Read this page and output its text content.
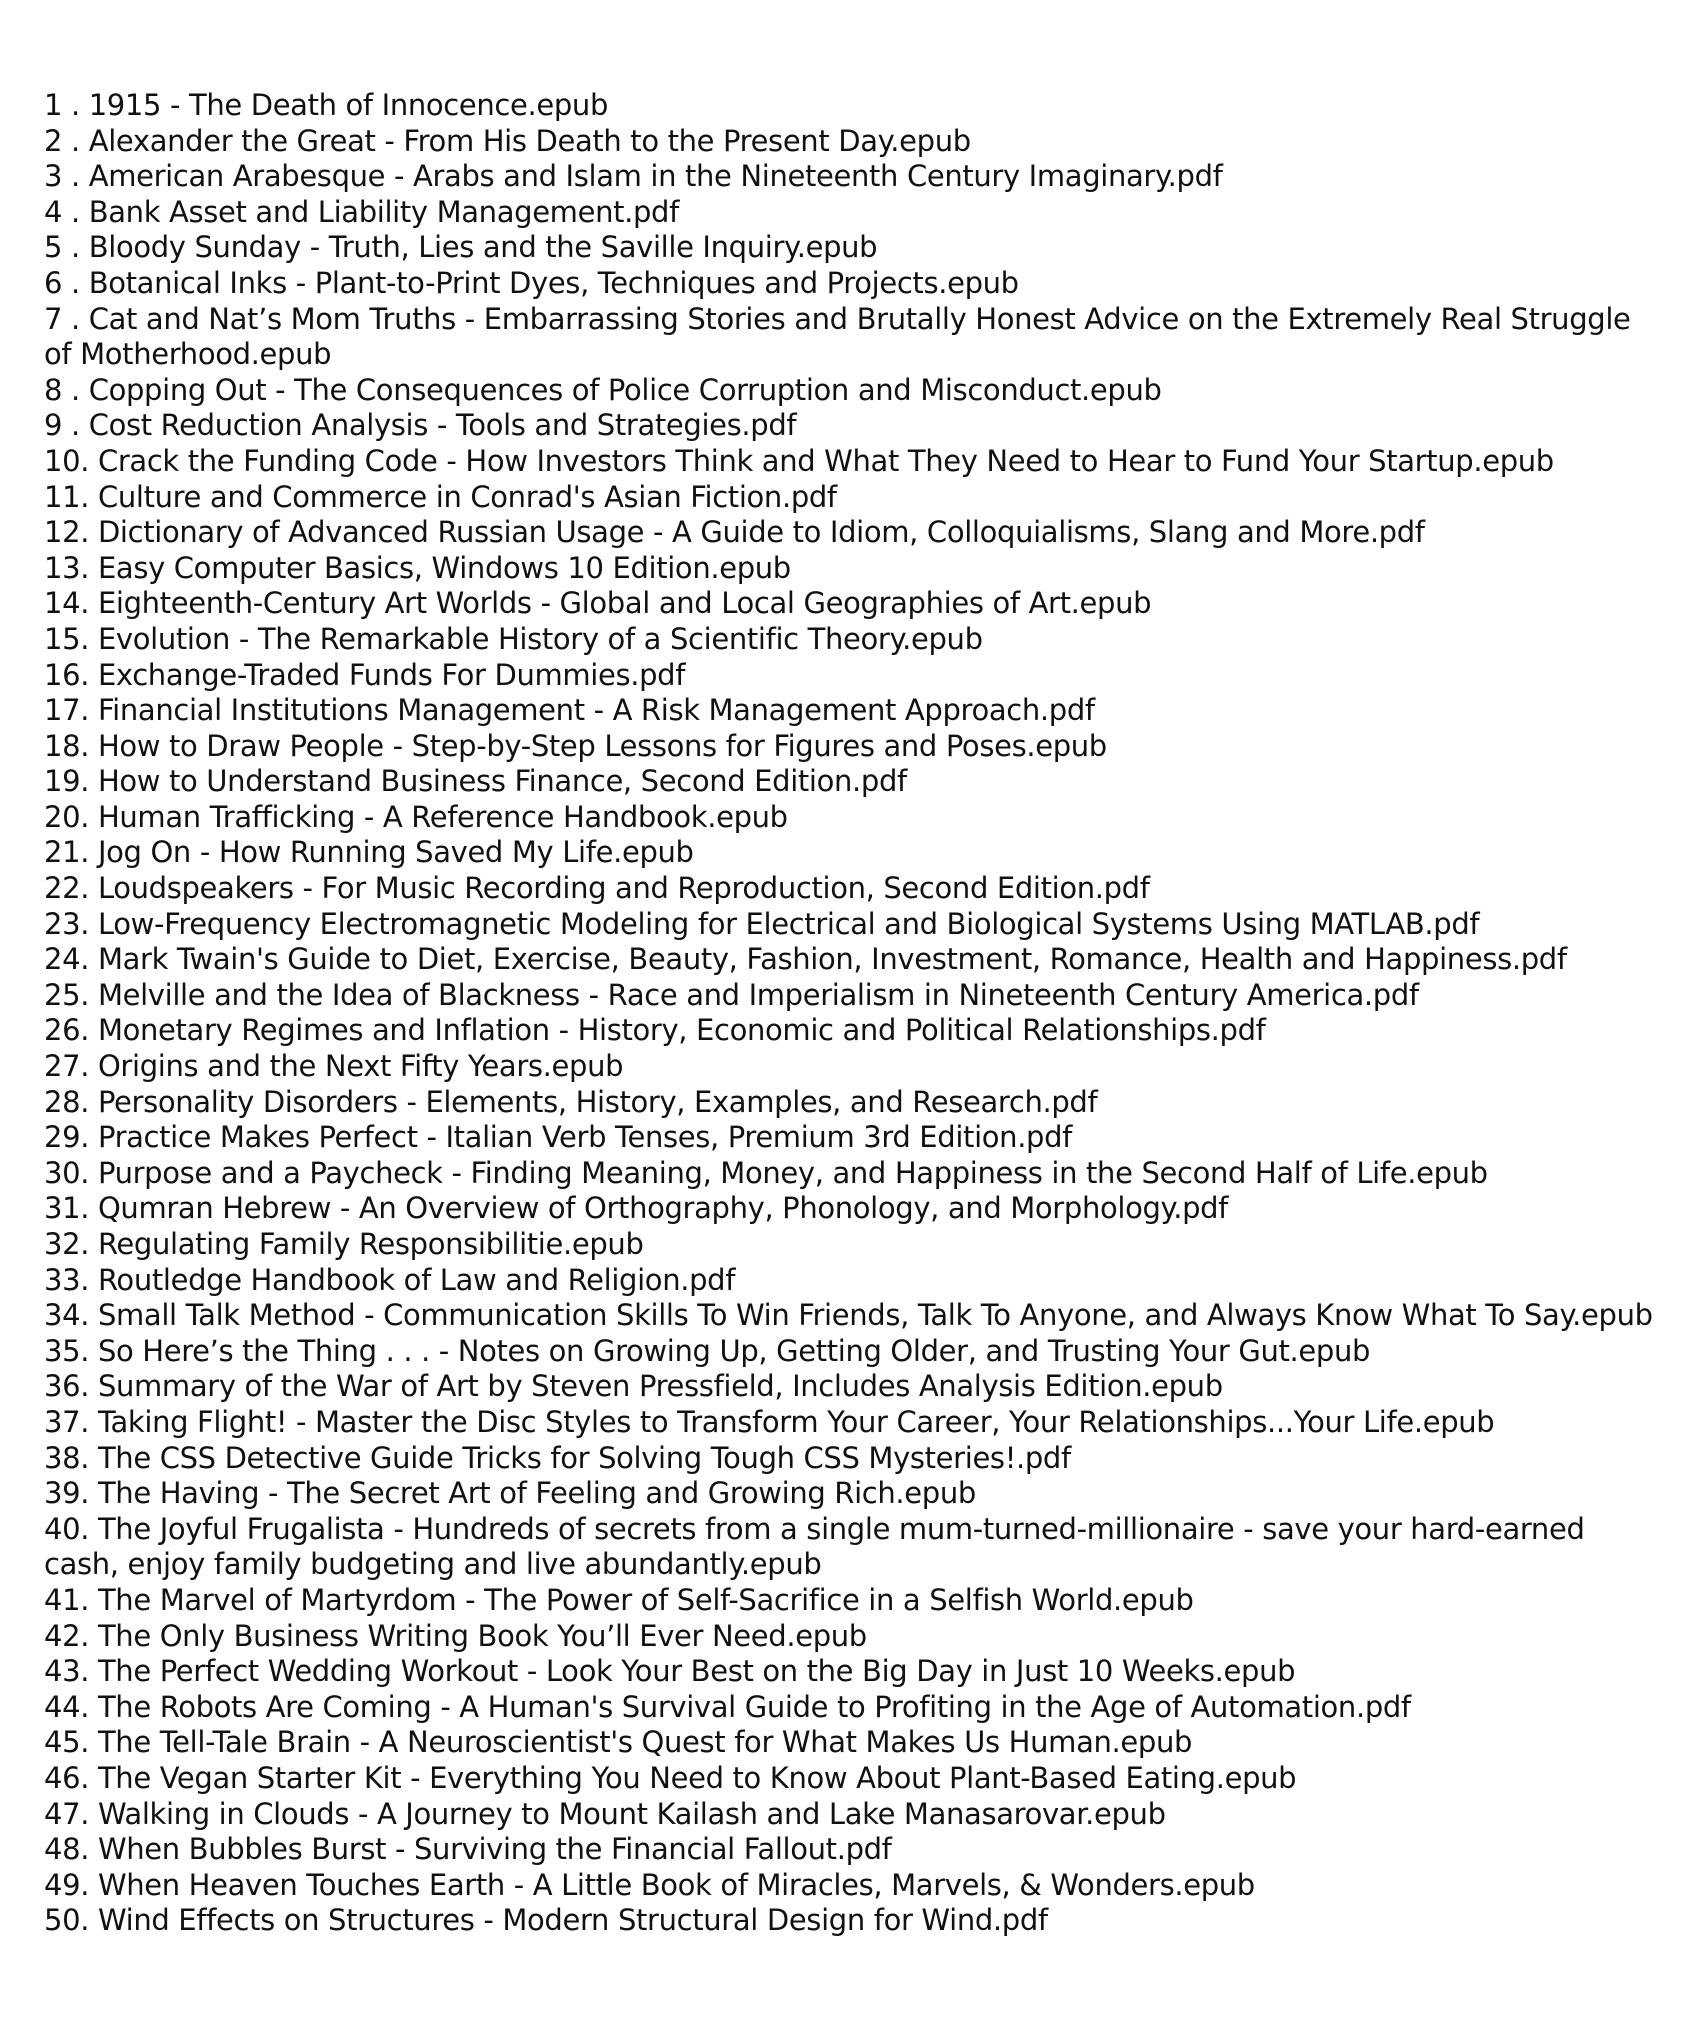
1 . 1915 - The Death of Innocence.epub
2 . Alexander the Great - From His Death to the Present Day.epub
3 . American Arabesque - Arabs and Islam in the Nineteenth Century Imaginary.pdf
4 . Bank Asset and Liability Management.pdf
5 . Bloody Sunday - Truth, Lies and the Saville Inquiry.epub
6 . Botanical Inks - Plant-to-Print Dyes, Techniques and Projects.epub
7 . Cat and Nat’s Mom Truths - Embarrassing Stories and Brutally Honest Advice on the Extremely Real Struggle of Motherhood.epub
8 . Copping Out - The Consequences of Police Corruption and Misconduct.epub
9 . Cost Reduction Analysis - Tools and Strategies.pdf
10. Crack the Funding Code - How Investors Think and What They Need to Hear to Fund Your Startup.epub
11. Culture and Commerce in Conrad's Asian Fiction.pdf
12. Dictionary of Advanced Russian Usage - A Guide to Idiom, Colloquialisms, Slang and More.pdf
13. Easy Computer Basics, Windows 10 Edition.epub
14. Eighteenth-Century Art Worlds - Global and Local Geographies of Art.epub
15. Evolution - The Remarkable History of a Scientific Theory.epub
16. Exchange-Traded Funds For Dummies.pdf
17. Financial Institutions Management - A Risk Management Approach.pdf
18. How to Draw People - Step-by-Step Lessons for Figures and Poses.epub
19. How to Understand Business Finance, Second Edition.pdf
20. Human Trafficking - A Reference Handbook.epub
21. Jog On - How Running Saved My Life.epub
22. Loudspeakers - For Music Recording and Reproduction, Second Edition.pdf
23. Low-Frequency Electromagnetic Modeling for Electrical and Biological Systems Using MATLAB.pdf
24. Mark Twain's Guide to Diet, Exercise, Beauty, Fashion, Investment, Romance, Health and Happiness.pdf
25. Melville and the Idea of Blackness - Race and Imperialism in Nineteenth Century America.pdf
26. Monetary Regimes and Inflation - History, Economic and Political Relationships.pdf
27. Origins and the Next Fifty Years.epub
28. Personality Disorders - Elements, History, Examples, and Research.pdf
29. Practice Makes Perfect - Italian Verb Tenses, Premium 3rd Edition.pdf
30. Purpose and a Paycheck - Finding Meaning, Money, and Happiness in the Second Half of Life.epub
31. Qumran Hebrew - An Overview of Orthography, Phonology, and Morphology.pdf
32. Regulating Family Responsibilitie.epub
33. Routledge Handbook of Law and Religion.pdf
34. Small Talk Method - Communication Skills To Win Friends, Talk To Anyone, and Always Know What To Say.epub
35. So Here’s the Thing . . . - Notes on Growing Up, Getting Older, and Trusting Your Gut.epub
36. Summary of the War of Art by Steven Pressfield, Includes Analysis Edition.epub
37. Taking Flight! - Master the Disc Styles to Transform Your Career, Your Relationships...Your Life.epub
38. The CSS Detective Guide Tricks for Solving Tough CSS Mysteries!.pdf
39. The Having - The Secret Art of Feeling and Growing Rich.epub
40. The Joyful Frugalista - Hundreds of secrets from a single mum-turned-millionaire - save your hard-earned cash, enjoy family budgeting and live abundantly.epub
41. The Marvel of Martyrdom - The Power of Self-Sacrifice in a Selfish World.epub
42. The Only Business Writing Book You’ll Ever Need.epub
43. The Perfect Wedding Workout - Look Your Best on the Big Day in Just 10 Weeks.epub
44. The Robots Are Coming - A Human's Survival Guide to Profiting in the Age of Automation.pdf
45. The Tell-Tale Brain - A Neuroscientist's Quest for What Makes Us Human.epub
46. The Vegan Starter Kit - Everything You Need to Know About Plant-Based Eating.epub
47. Walking in Clouds - A Journey to Mount Kailash and Lake Manasarovar.epub
48. When Bubbles Burst - Surviving the Financial Fallout.pdf
49. When Heaven Touches Earth - A Little Book of Miracles, Marvels, & Wonders.epub
50. Wind Effects on Structures - Modern Structural Design for Wind.pdf
